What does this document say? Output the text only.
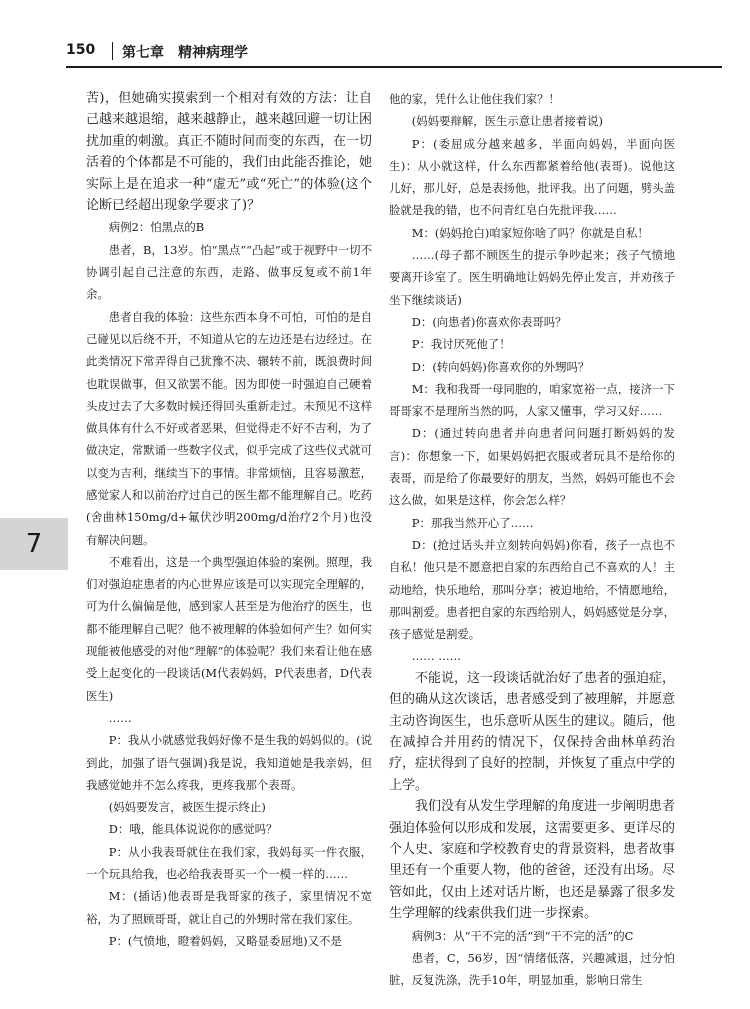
150 第七章　精神病理学
7

苦)，但她确实摸索到一个相对有效的方法：让自己越来越退缩，越来越静止，越来越回避一切让困扰加重的刺激。真正不随时间而变的东西，在一切活着的个体都是不可能的，我们由此能否推论，她实际上是在追求一种“虚无”或“死亡”的体验(这个论断已经超出现象学要求了)？

病例2：怕黑点的B

患者，B，13岁。怕“黑点”“凸起”或于视野中一切不协调引起自己注意的东西，走路、做事反复或不前1年余。

患者自我的体验：这些东西本身不可怕，可怕的是自己碰见以后绕不开，不知道从它的左边还是右边经过。在此类情况下常弄得自己犹豫不决、辗转不前，既浪费时间也耽误做事，但又欲罢不能。因为即使一时强迫自己硬着头皮过去了大多数时候还得回头重新走过。未预见不这样做具体有什么不好或者恶果，但觉得走不好不吉利，为了做决定，常默诵一些数字仪式，似乎完成了这些仪式就可以变为吉利，继续当下的事情。非常烦恼，且容易激惹，感觉家人和以前治疗过自己的医生都不能理解自己。吃药(舍曲林150mg/d+氟伏沙明200mg/d治疗2个月)也没有解决问题。

不难看出，这是一个典型强迫体验的案例。照理，我们对强迫症患者的内心世界应该是可以实现完全理解的，可为什么偏偏是他，感到家人甚至是为他治疗的医生，也都不能理解自己呢？他不被理解的体验如何产生？如何实现能被他感受的对他“理解”的体验呢？我们来看让他在感受上起变化的一段谈话(M代表妈妈，P代表患者，D代表医生)

……

P：我从小就感觉我妈好像不是生我的妈妈似的。(说到此，加强了语气强调)我是说，我知道她是我亲妈，但我感觉她并不怎么疼我，更疼我那个表哥。

(妈妈要发言，被医生提示终止)

D：哦，能具体说说你的感觉吗？

P：从小我表哥就住在我们家，我妈每买一件衣服，一个玩具给我，也必给我表哥买一个一模一样的……

M：(插话)他表哥是我哥家的孩子，家里情况不宽裕，为了照顾哥哥，就让自己的外甥时常在我们家住。

P：(气愤地，瞪着妈妈，又略显委屈地)又不是

他的家，凭什么让他住我们家？！

(妈妈要辩解，医生示意让患者接着说)

P：(委屈成分越来越多，半面向妈妈，半面向医生)：从小就这样，什么东西都紧着给他(表哥)。说他这儿好，那儿好，总是表扬他，批评我。出了问题，劈头盖脸就是我的错，也不问青红皂白先批评我……

M：(妈妈抢白)咱家短你啥了吗？你就是自私！

……(母子都不顾医生的提示争吵起来；孩子气愤地要离开诊室了。医生明确地让妈妈先停止发言，并劝孩子坐下继续谈话)

D：(向患者)你喜欢你表哥吗？

P：我讨厌死他了！

D：(转向妈妈)你喜欢你的外甥吗？

M：我和我哥一母同胞的，咱家宽裕一点，接济一下哥哥家不是理所当然的吗，人家又懂事，学习又好……

D：(通过转向患者并向患者问问题打断妈妈的发言)：你想象一下，如果妈妈把衣服或者玩具不是给你的表哥，而是给了你最要好的朋友，当然，妈妈可能也不会这么做，如果是这样，你会怎么样？

P：那我当然开心了……

D：(抢过话头并立刻转向妈妈)你看，孩子一点也不自私！他只是不愿意把自家的东西给自己不喜欢的人！主动地给，快乐地给，那叫分享；被迫地给，不情愿地给，那叫割爱。患者把自家的东西给别人，妈妈感觉是分享，孩子感觉是割爱。

…… ……

不能说，这一段谈话就治好了患者的强迫症，但的确从这次谈话，患者感受到了被理解，并愿意主动咨询医生，也乐意听从医生的建议。随后，他在减掉合并用药的情况下，仅保持舍曲林单药治疗，症状得到了良好的控制，并恢复了重点中学的上学。

我们没有从发生学理解的角度进一步阐明患者强迫体验何以形成和发展，这需要更多、更详尽的个人史、家庭和学校教育史的背景资料，患者故事里还有一个重要人物，他的爸爸，还没有出场。尽管如此，仅由上述对话片断，也还是暴露了很多发生学理解的线索供我们进一步探索。

病例3：从“干不完的活”到“干不完的活”的C

患者，C，56岁，因“情绪低落，兴趣减退，过分怕脏，反复洗涤，洗手10年，明显加重，影响日常生
